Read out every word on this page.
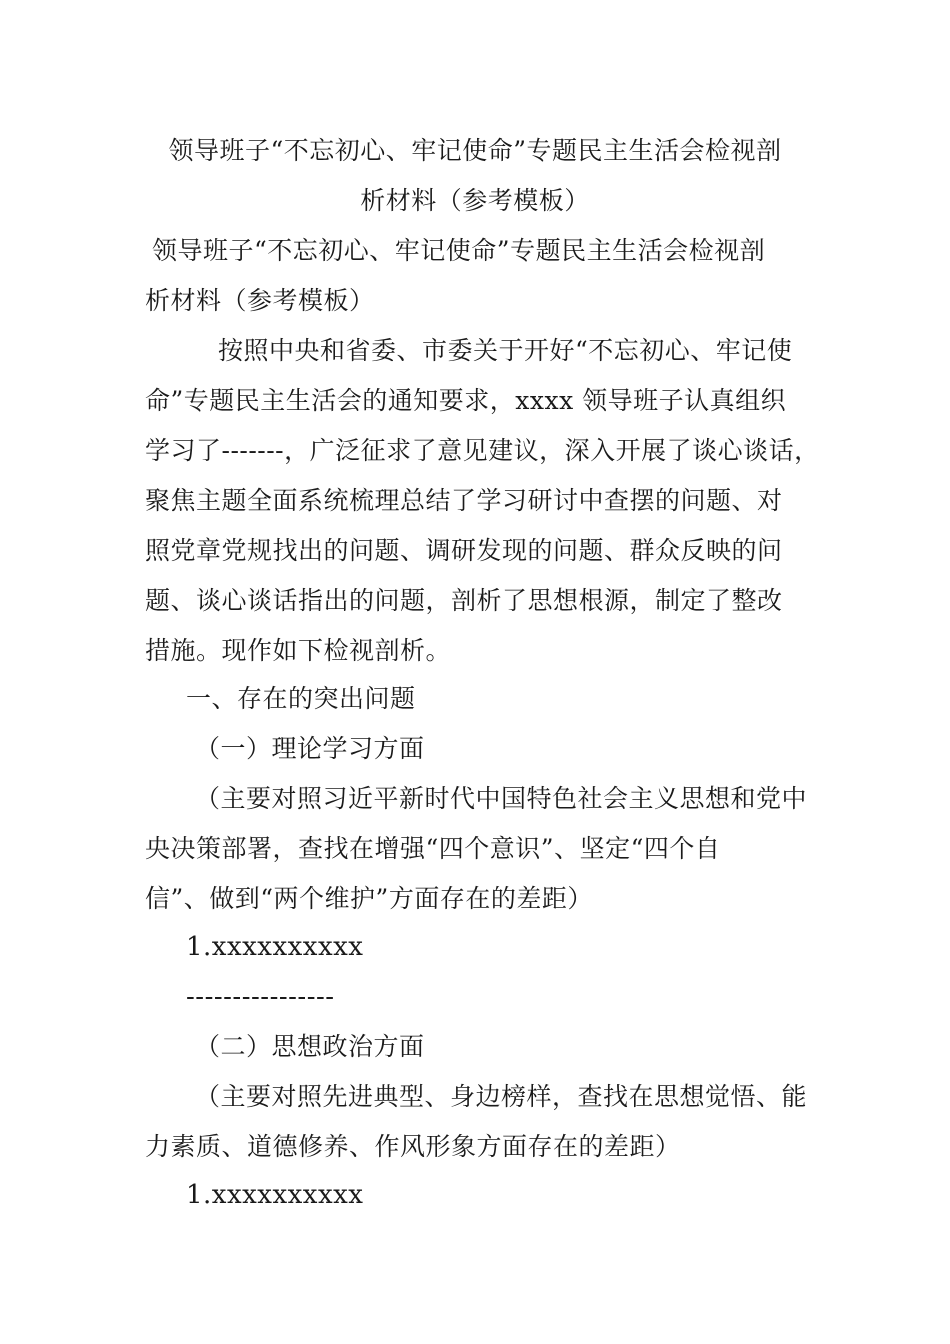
领导班子“不忘初心、牢记使命”专题民主生活会检视剖
析材料（参考模板）
领导班子“不忘初心、牢记使命”专题民主生活会检视剖
析材料（参考模板）
按照中央和省委、市委关于开好“不忘初心、牢记使
命”专题民主生活会的通知要求，xxxx 领导班子认真组织
学习了-------，广泛征求了意见建议，深入开展了谈心谈话，
聚焦主题全面系统梳理总结了学习研讨中查摆的问题、对
照党章党规找出的问题、调研发现的问题、群众反映的问
题、谈心谈话指出的问题，剖析了思想根源，制定了整改
措施。现作如下检视剖析。
一、存在的突出问题
（一）理论学习方面
（主要对照习近平新时代中国特色社会主义思想和党中
央决策部署，查找在增强“四个意识”、坚定“四个自
信”、做到“两个维护”方面存在的差距）
1.xxxxxxxxxx
----------------
（二）思想政治方面
（主要对照先进典型、身边榜样，查找在思想觉悟、能
力素质、道德修养、作风形象方面存在的差距）
1.xxxxxxxxxx
